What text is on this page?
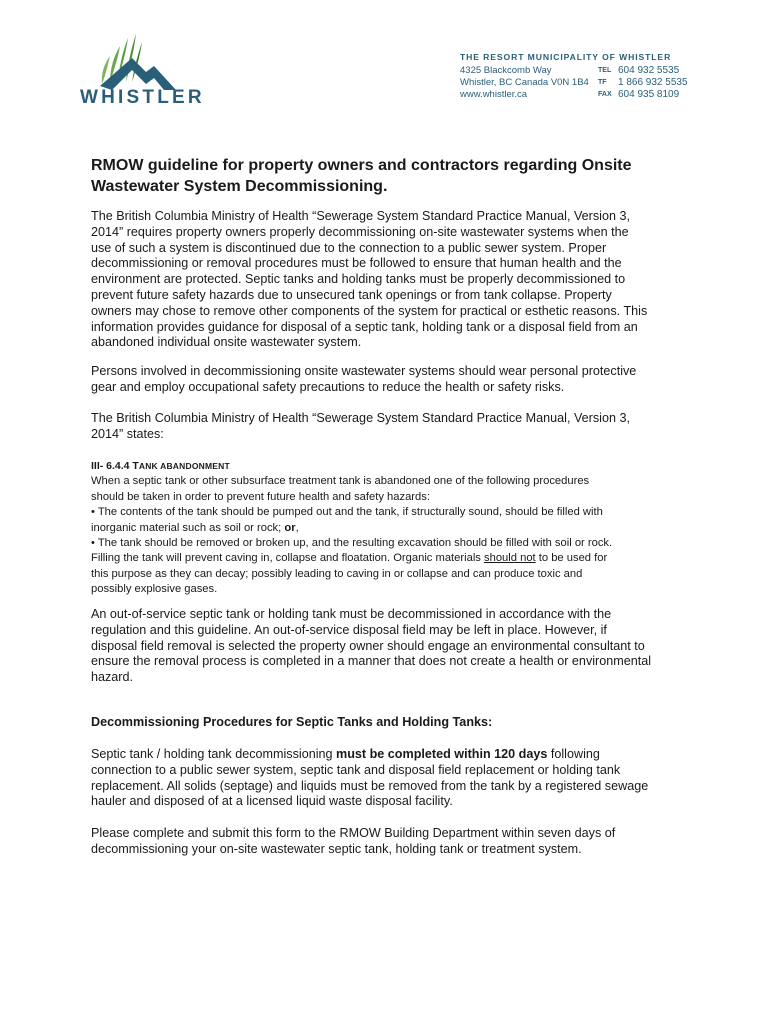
WHISTLER
THE RESORT MUNICIPALITY OF WHISTLER
4325 Blackcomb Way	TEL 604 932 5535
Whistler, BC Canada V0N 1B4	TF	1 866 932 5535
www.whistler.ca	FAX 604 935 8109
RMOW guideline for property owners and contractors regarding Onsite
Wastewater System Decommissioning.
The British Columbia Ministry of Health “Sewerage System Standard Practice Manual, Version 3,
2014” requires property owners properly decommissioning on-site wastewater systems when the
use of such a system is discontinued due to the connection to a public sewer system. Proper
decommissioning or removal procedures must be followed to ensure that human health and the
environment are protected. Septic tanks and holding tanks must be properly decommissioned to
prevent future safety hazards due to unsecured tank openings or from tank collapse. Property
owners may chose to remove other components of the system for practical or esthetic reasons. This
information provides guidance for disposal of a septic tank, holding tank or a disposal field from an
abandoned individual onsite wastewater system.
Persons involved in decommissioning onsite wastewater systems should wear personal protective
gear and employ occupational safety precautions to reduce the health or safety risks.
The British Columbia Ministry of Health “Sewerage System Standard Practice Manual, Version 3,
2014” states:
III- 6.4.4 TANK ABANDONMENT
When a septic tank or other subsurface treatment tank is abandoned one of the following procedures
should be taken in order to prevent future health and safety hazards:
• The contents of the tank should be pumped out and the tank, if structurally sound, should be filled with
inorganic material such as soil or rock; or,
• The tank should be removed or broken up, and the resulting excavation should be filled with soil or rock.
Filling the tank will prevent caving in, collapse and floatation. Organic materials should not to be used for
this purpose as they can decay; possibly leading to caving in or collapse and can produce toxic and
possibly explosive gases.
An out-of-service septic tank or holding tank must be decommissioned in accordance with the
regulation and this guideline. An out-of-service disposal field may be left in place. However, if
disposal field removal is selected the property owner should engage an environmental consultant to
ensure the removal process is completed in a manner that does not create a health or environmental
hazard.
Decommissioning Procedures for Septic Tanks and Holding Tanks:
Septic tank / holding tank decommissioning must be completed within 120 days following
connection to a public sewer system, septic tank and disposal field replacement or holding tank
replacement. All solids (septage) and liquids must be removed from the tank by a registered sewage
hauler and disposed of at a licensed liquid waste disposal facility.
Please complete and submit this form to the RMOW Building Department within seven days of
decommissioning your on-site wastewater septic tank, holding tank or treatment system.
